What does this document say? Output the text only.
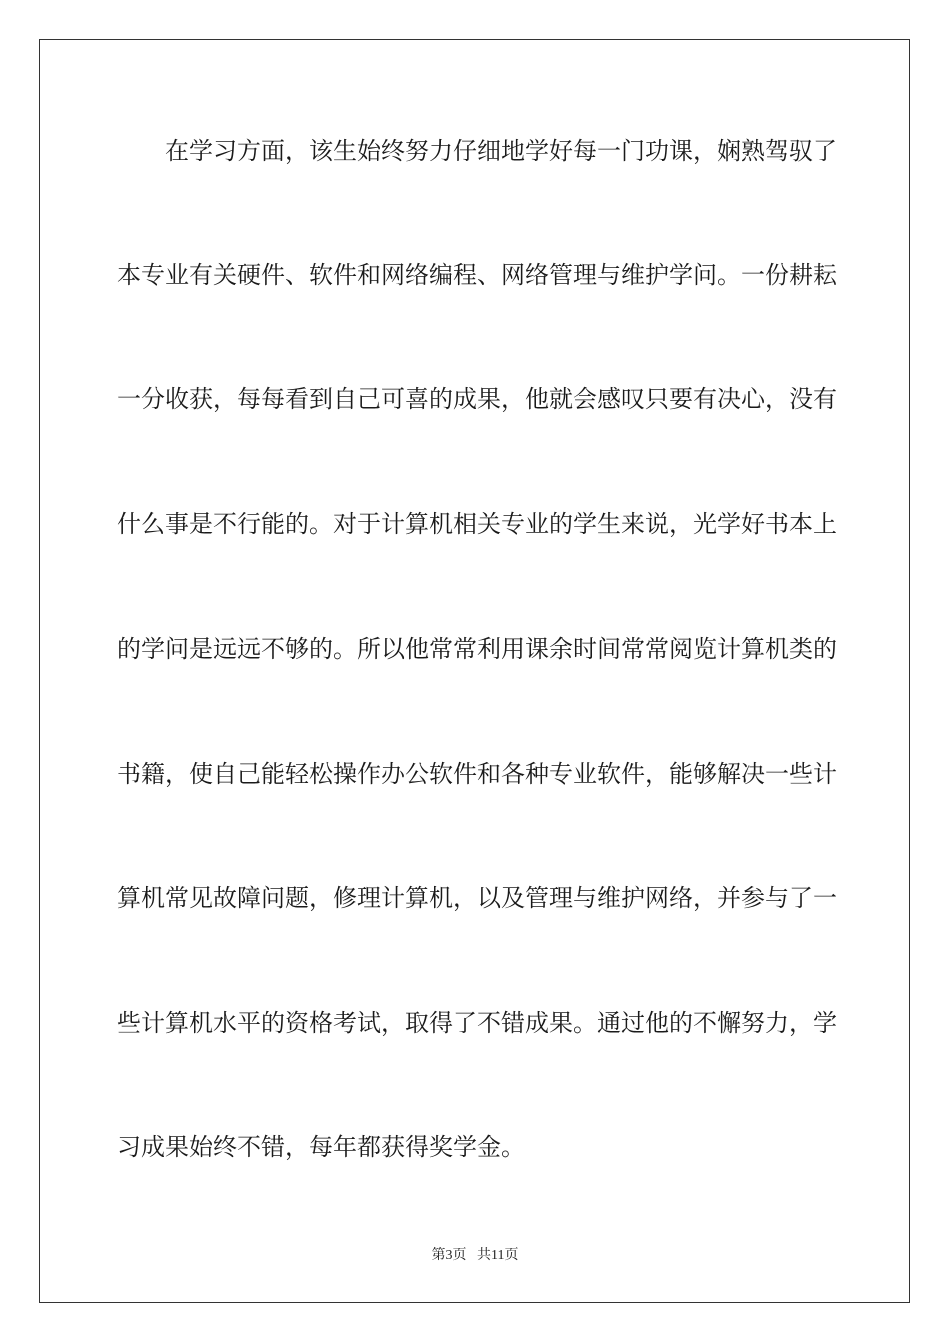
　　在学习方面，该生始终努力仔细地学好每一门功课，娴熟驾驭了
本专业有关硬件、软件和网络编程、网络管理与维护学问。一份耕耘
一分收获，每每看到自己可喜的成果，他就会感叹只要有决心，没有
什么事是不行能的。对于计算机相关专业的学生来说，光学好书本上
的学问是远远不够的。所以他常常利用课余时间常常阅览计算机类的
书籍，使自己能轻松操作办公软件和各种专业软件，能够解决一些计
算机常见故障问题，修理计算机，以及管理与维护网络，并参与了一
些计算机水平的资格考试，取得了不错成果。通过他的不懈努力，学
习成果始终不错，每年都获得奖学金。
第3页 共11页
